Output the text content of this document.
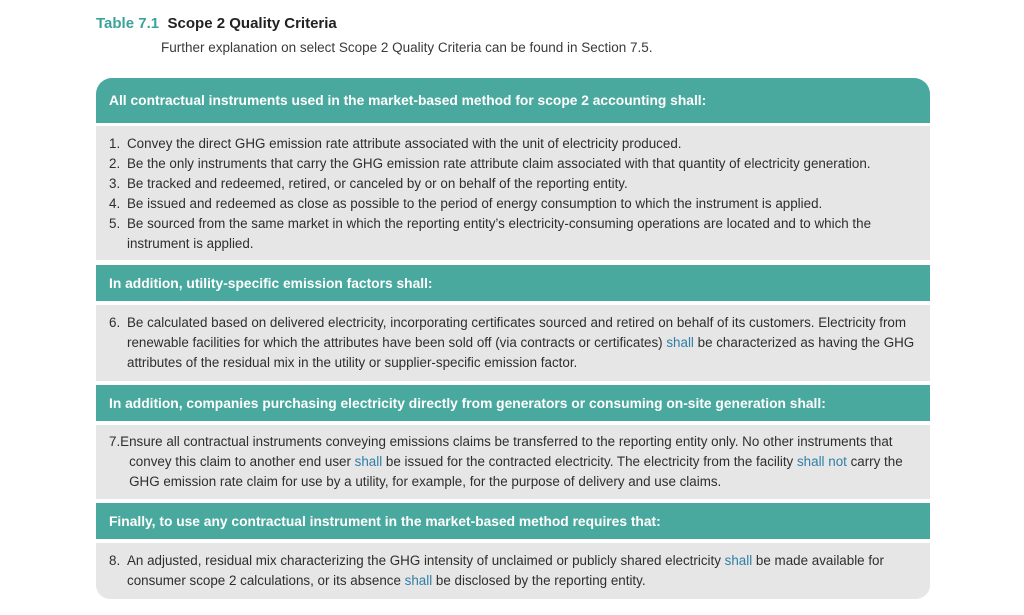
Table 7.1 Scope 2 Quality Criteria
Further explanation on select Scope 2 Quality Criteria can be found in Section 7.5.
All contractual instruments used in the market-based method for scope 2 accounting shall:
1. Convey the direct GHG emission rate attribute associated with the unit of electricity produced.
2. Be the only instruments that carry the GHG emission rate attribute claim associated with that quantity of electricity generation.
3. Be tracked and redeemed, retired, or canceled by or on behalf of the reporting entity.
4. Be issued and redeemed as close as possible to the period of energy consumption to which the instrument is applied.
5. Be sourced from the same market in which the reporting entity’s electricity-consuming operations are located and to which the instrument is applied.
In addition, utility-specific emission factors shall:
6. Be calculated based on delivered electricity, incorporating certificates sourced and retired on behalf of its customers. Electricity from renewable facilities for which the attributes have been sold off (via contracts or certificates) shall be characterized as having the GHG attributes of the residual mix in the utility or supplier-specific emission factor.
In addition, companies purchasing electricity directly from generators or consuming on-site generation shall:
7.E nsure all contractual instruments conveying emissions claims be transferred to the reporting entity only. No other instruments that convey this claim to another end user shall be issued for the contracted electricity. The electricity from the facility shall not carry the GHG emission rate claim for use by a utility, for example, for the purpose of delivery and use claims.
Finally, to use any contractual instrument in the market-based method requires that:
8. An adjusted, residual mix characterizing the GHG intensity of unclaimed or publicly shared electricity shall be made available for consumer scope 2 calculations, or its absence shall be disclosed by the reporting entity.
